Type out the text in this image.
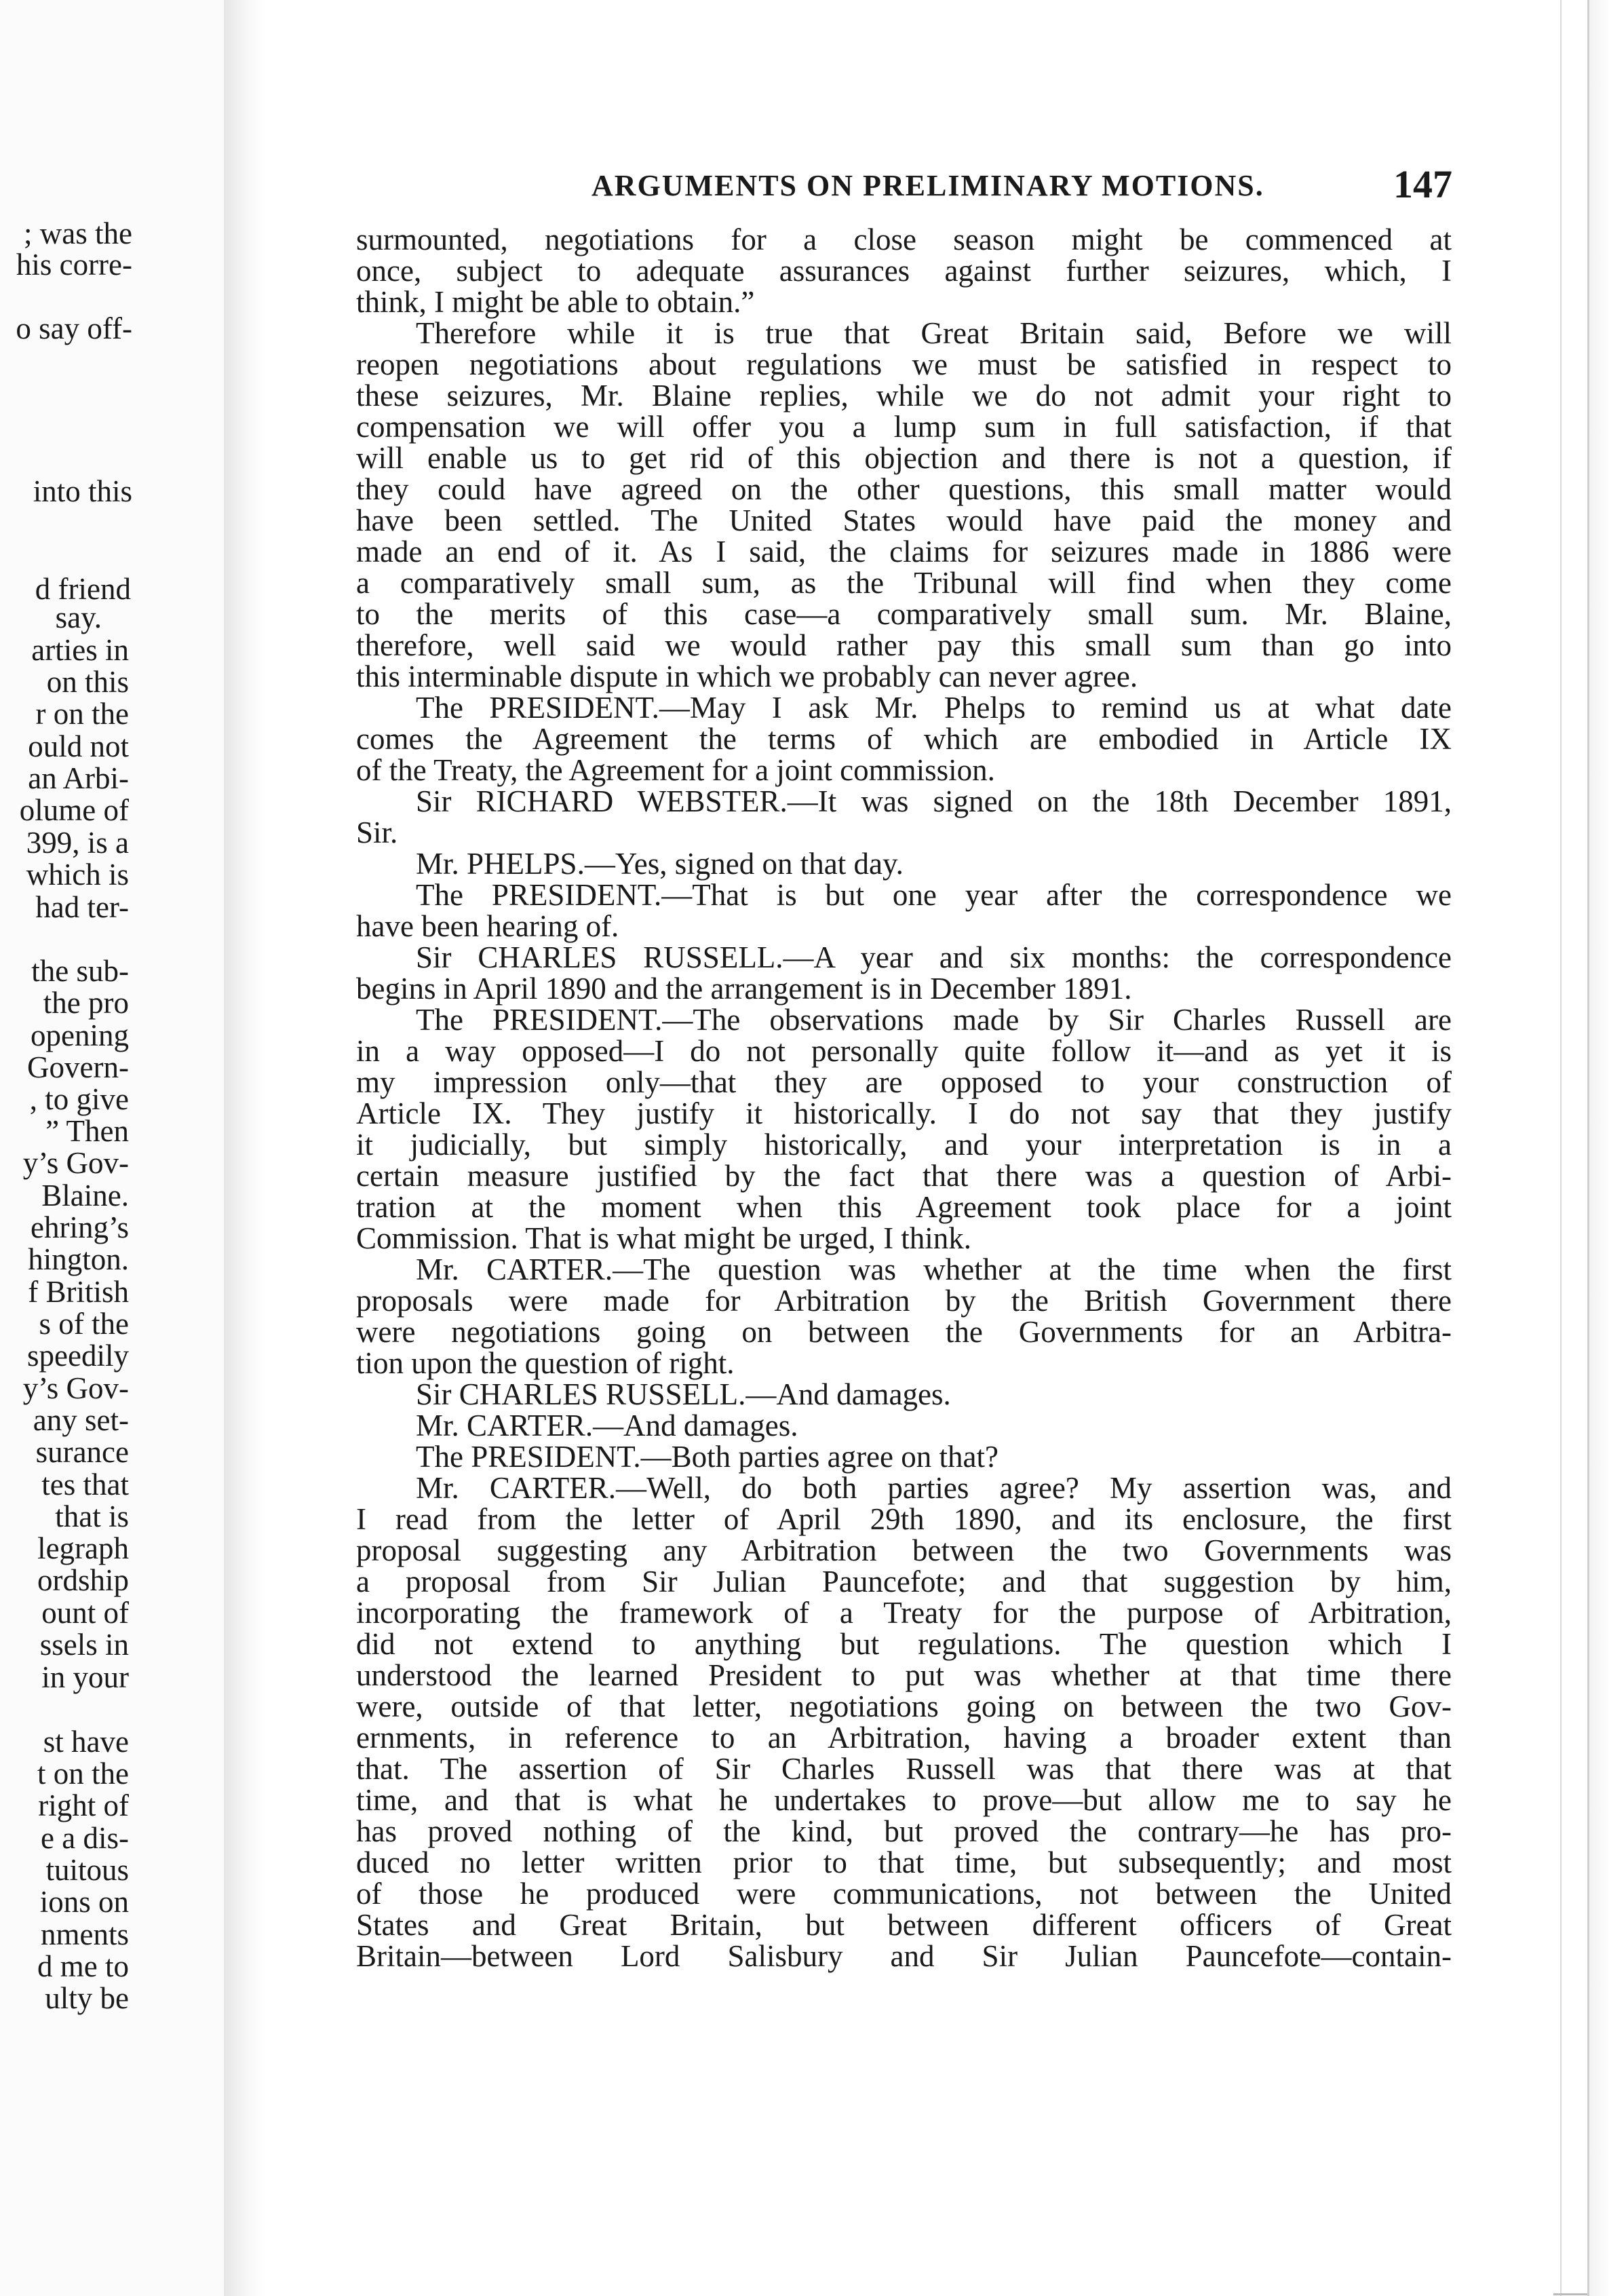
; was the
his corre-
o say off-
into this
d friend
say.
arties in
on this
r on the
ould not
an Arbi-
olume of
399, is a
which is
had ter-
the sub-
the pro
opening
Govern-
, to give
” Then
y’s Gov-
Blaine.
ehring’s
hington.
f British
s of the
speedily
y’s Gov-
any set-
surance
tes that
that is
legraph
ordship
ount of
ssels in
in your
st have
t on the
right of
e a dis-
tuitous
ions on
nments
d me to
ulty be
ARGUMENTS ON PRELIMINARY MOTIONS.	147
surmounted, negotiations for a close season might be commenced at
once, subject to adequate assurances against further seizures, which, I
think, I might be able to obtain.”
Therefore while it is true that Great Britain said, Before we will
reopen negotiations about regulations we must be satisfied in respect to
these seizures, Mr. Blaine replies, while we do not admit your right to
compensation we will offer you a lump sum in full satisfaction, if that
will enable us to get rid of this objection and there is not a question, if
they could have agreed on the other questions, this small matter would
have been settled. The United States would have paid the money and
made an end of it. As I said, the claims for seizures made in 1886 were
a comparatively small sum, as the Tribunal will find when they come
to the merits of this case—a comparatively small sum. Mr. Blaine,
therefore, well said we would rather pay this small sum than go into
this interminable dispute in which we probably can never agree.
The PRESIDENT.—May I ask Mr. Phelps to remind us at what date
comes the Agreement the terms of which are embodied in Article IX
of the Treaty, the Agreement for a joint commission.
Sir RICHARD WEBSTER.—It was signed on the 18th December 1891,
Sir.
Mr. PHELPS.—Yes, signed on that day.
The PRESIDENT.—That is but one year after the correspondence we
have been hearing of.
Sir CHARLES RUSSELL.—A year and six months: the correspondence
begins in April 1890 and the arrangement is in December 1891.
The PRESIDENT.—The observations made by Sir Charles Russell are
in a way opposed—I do not personally quite follow it—and as yet it is
my impression only—that they are opposed to your construction of
Article IX. They justify it historically. I do not say that they justify
it judicially, but simply historically, and your interpretation is in a
certain measure justified by the fact that there was a question of Arbi-
tration at the moment when this Agreement took place for a joint
Commission. That is what might be urged, I think.
Mr. CARTER.—The question was whether at the time when the first
proposals were made for Arbitration by the British Government there
were negotiations going on between the Governments for an Arbitra-
tion upon the question of right.
Sir CHARLES RUSSELL.—And damages.
Mr. CARTER.—And damages.
The PRESIDENT.—Both parties agree on that?
Mr. CARTER.—Well, do both parties agree? My assertion was, and
I read from the letter of April 29th 1890, and its enclosure, the first
proposal suggesting any Arbitration between the two Governments was
a proposal from Sir Julian Pauncefote; and that suggestion by him,
incorporating the framework of a Treaty for the purpose of Arbitration,
did not extend to anything but regulations. The question which I
understood the learned President to put was whether at that time there
were, outside of that letter, negotiations going on between the two Gov-
ernments, in reference to an Arbitration, having a broader extent than
that. The assertion of Sir Charles Russell was that there was at that
time, and that is what he undertakes to prove—but allow me to say he
has proved nothing of the kind, but proved the contrary—he has pro-
duced no letter written prior to that time, but subsequently; and most
of those he produced were communications, not between the United
States and Great Britain, but between different officers of Great
Britain—between Lord Salisbury and Sir Julian Pauncefote—contain-
